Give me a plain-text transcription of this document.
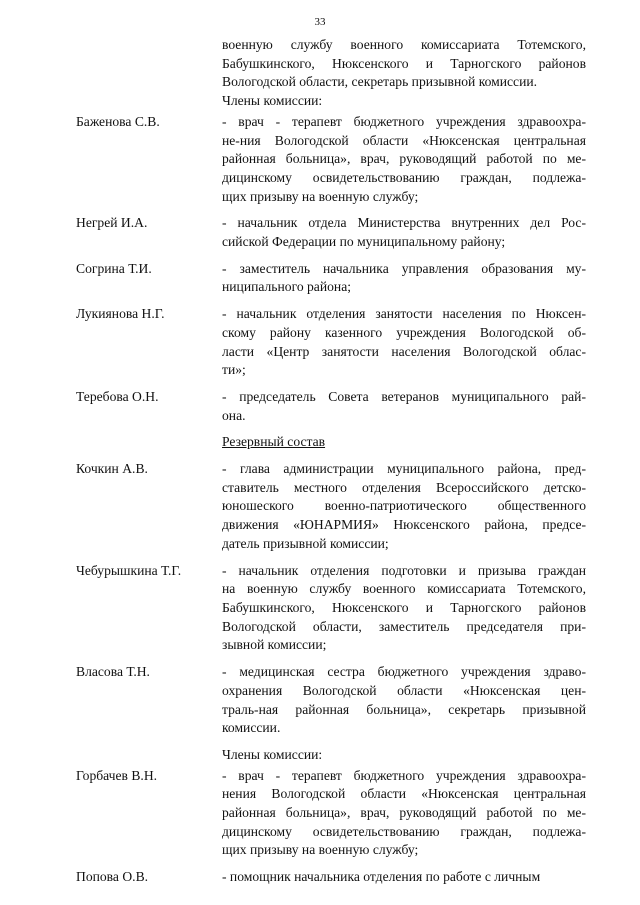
33
военную службу военного комиссариата Тотемского,
Бабушкинского, Нюксенского и Тарногского районов
Вологодской области, секретарь призывной комиссии.
Члены комиссии:
Баженова С.В.	- врач - терапевт бюджетного учреждения здравоохра-
не-ния Вологодской области «Нюксенская центральная
районная больница», врач, руководящий работой по ме-
дицинскому освидетельствованию граждан, подлежа-
щих призыву на военную службу;
Негрей И.А.	- начальник отдела Министерства внутренних дел Рос-
сийской Федерации по муниципальному району;
Согрина Т.И.	- заместитель начальника управления образования му-
ниципального района;
Лукиянова Н.Г.	- начальник отделения занятости населения по Нюксен-
скому району казенного учреждения Вологодской об-
ласти «Центр занятости населения Вологодской облас-
ти»;
Теребова О.Н.	- председатель Совета ветеранов муниципального рай-
она.
Резервный состав
Кочкин А.В.	- глава администрации муниципального района, пред-
ставитель местного отделения Всероссийского детско-
юношеского военно-патриотического общественного
движения «ЮНАРМИЯ» Нюксенского района, предсе-
датель призывной комиссии;
Чебурышкина Т.Г.	- начальник отделения подготовки и призыва граждан
на военную службу военного комиссариата Тотемского,
Бабушкинского, Нюксенского и Тарногского районов
Вологодской области, заместитель председателя при-
зывной комиссии;
Власова Т.Н.	- медицинская сестра бюджетного учреждения здраво-
охранения Вологодской области «Нюксенская цен-
траль-ная районная больница», секретарь призывной
комиссии.
Члены комиссии:
Горбачев В.Н.	- врач - терапевт бюджетного учреждения здравоохра-
нения Вологодской области «Нюксенская центральная
районная больница», врач, руководящий работой по ме-
дицинскому освидетельствованию граждан, подлежа-
щих призыву на военную службу;
Попова О.В.	- помощник начальника отделения по работе с личным
